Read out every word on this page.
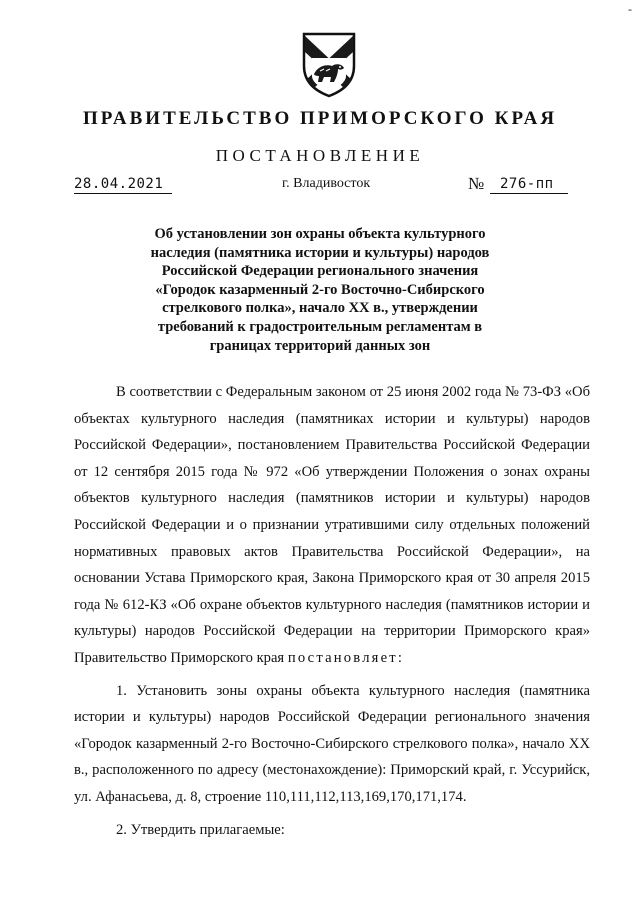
-
ПРАВИТЕЛЬСТВО ПРИМОРСКОГО КРАЯ
ПОСТАНОВЛЕНИЕ
28.04.2021	г. Владивосток	№ 276-пп
Об установлении зон охраны объекта культурного наследия (памятника истории и культуры) народов Российской Федерации регионального значения «Городок казарменный 2-го Восточно-Сибирского стрелкового полка», начало XX в., утверждении требований к градостроительным регламентам в границах территорий данных зон

В соответствии с Федеральным законом от 25 июня 2002 года № 73-ФЗ «Об объектах культурного наследия (памятниках истории и культуры) народов Российской Федерации», постановлением Правительства Российской Федерации от 12 сентября 2015 года № 972 «Об утверждении Положения о зонах охраны объектов культурного наследия (памятников истории и культуры) народов Российской Федерации и о признании утратившими силу отдельных положений нормативных правовых актов Правительства Российской Федерации», на основании Устава Приморского края, Закона Приморского края от 30 апреля 2015 года № 612-КЗ «Об охране объектов культурного наследия (памятников истории и культуры) народов Российской Федерации на территории Приморского края» Правительство Приморского края постановляет:

1. Установить зоны охраны объекта культурного наследия (памятника истории и культуры) народов Российской Федерации регионального значения «Городок казарменный 2-го Восточно-Сибирского стрелкового полка», начало XX в., расположенного по адресу (местонахождение): Приморский край, г. Уссурийск, ул. Афанасьева, д. 8, строение 110,111,112,113,169,170,171,174.

2. Утвердить прилагаемые:
